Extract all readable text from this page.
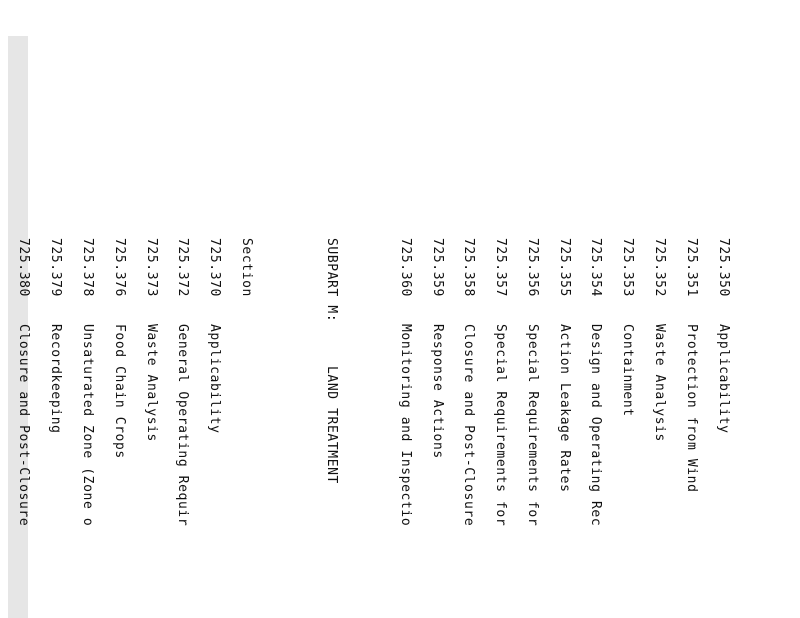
725.350Applicability

725.351Protection from Wind

725.352Waste Analysis

725.353Containment

725.354Design and Operating Rec

725.355Action Leakage Rates

725.356Special Requirements for

725.357Special Requirements for

725.358Closure and Post-Closure

725.359Response Actions

725.360Monitoring and Inspectio

SUBPART M:LAND TREATMENT

Section

725.370Applicability

725.372General Operating Requir

725.373Waste Analysis

725.376Food Chain Crops

725.378Unsaturated Zone (Zone o

725.379Recordkeeping

725.380Closure and Post-Closure
